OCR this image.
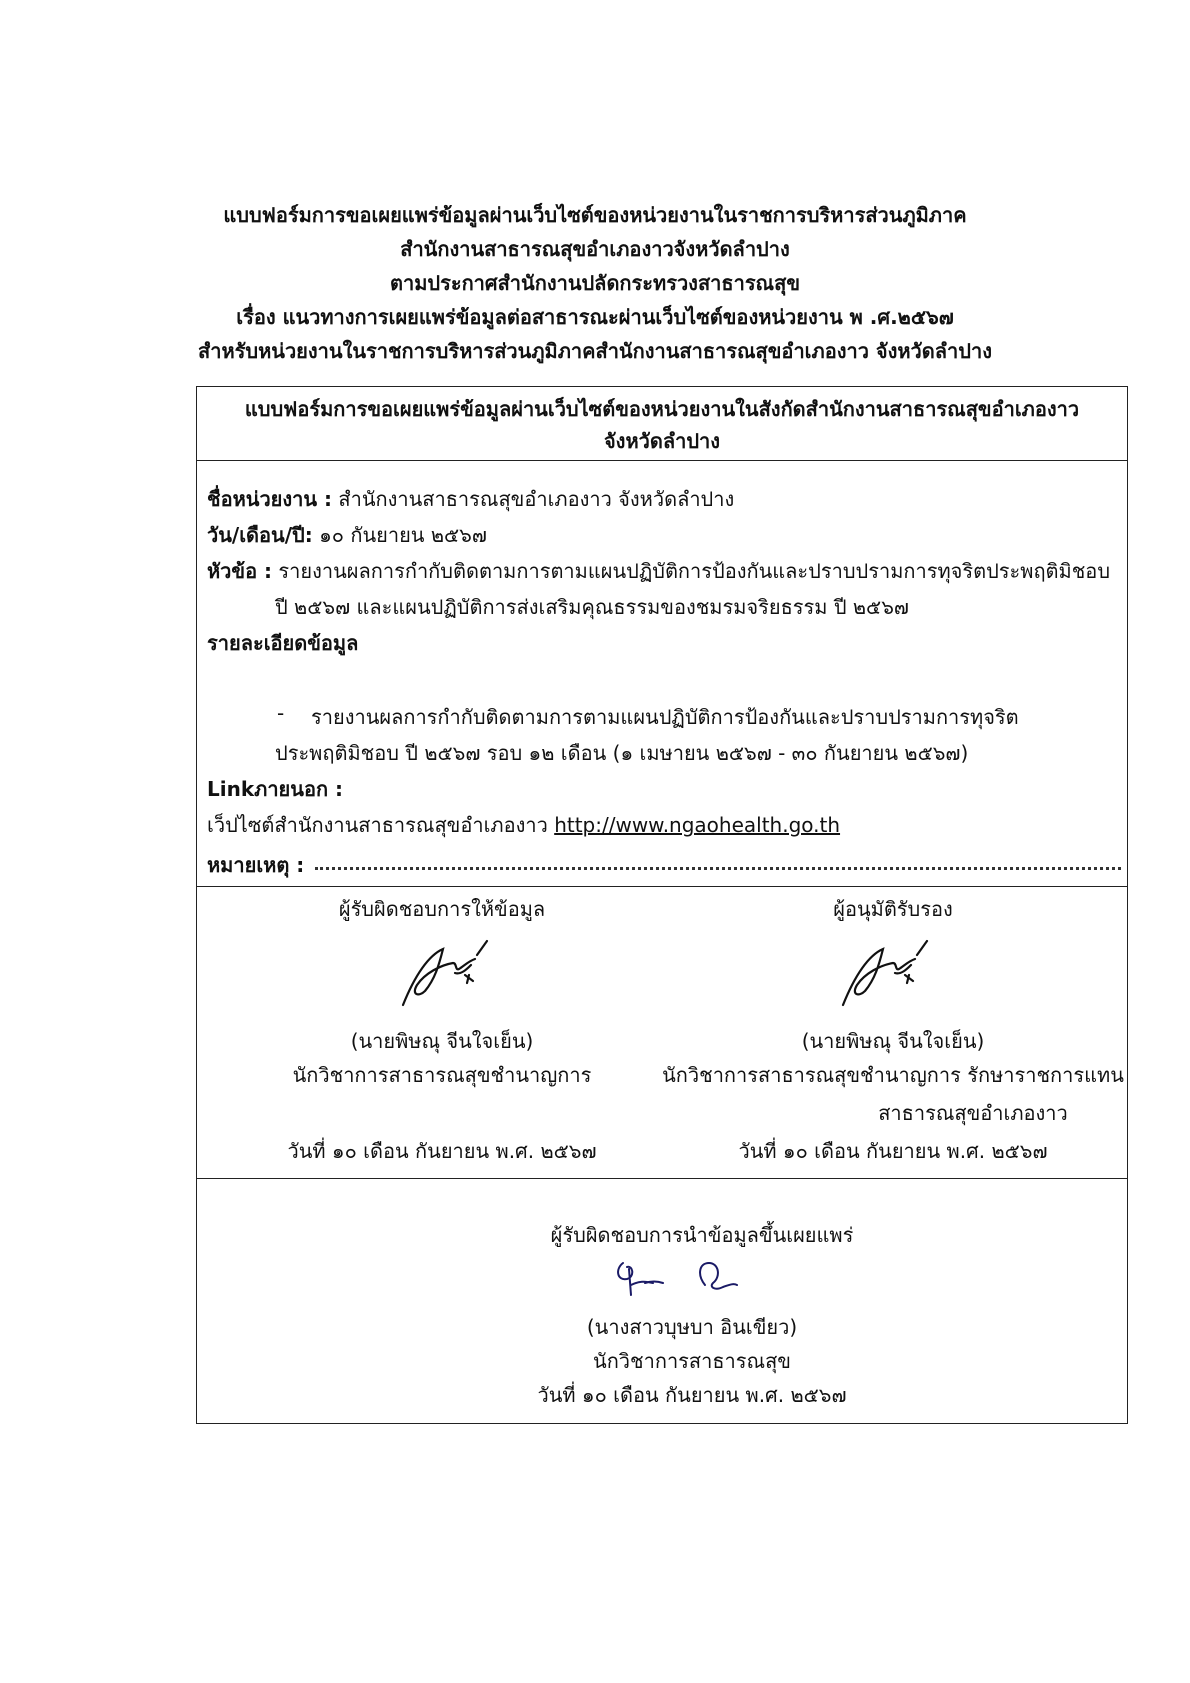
แบบฟอร์มการขอเผยแพร่ข้อมูลผ่านเว็บไซต์ของหน่วยงานในราชการบริหารส่วนภูมิภาค
สำนักงานสาธารณสุขอำเภองาวจังหวัดลำปาง
ตามประกาศสำนักงานปลัดกระทรวงสาธารณสุข
เรื่อง แนวทางการเผยแพร่ข้อมูลต่อสาธารณะผ่านเว็บไซต์ของหน่วยงาน พ .ศ.๒๕๖๗
สำหรับหน่วยงานในราชการบริหารส่วนภูมิภาคสำนักงานสาธารณสุขอำเภองาว จังหวัดลำปาง
แบบฟอร์มการขอเผยแพร่ข้อมูลผ่านเว็บไซต์ของหน่วยงานในสังกัดสำนักงานสาธารณสุขอำเภองาว
จังหวัดลำปาง
ชื่อหน่วยงาน : สำนักงานสาธารณสุขอำเภองาว จังหวัดลำปาง
วัน/เดือน/ปี: ๑๐ กันยายน ๒๕๖๗
หัวข้อ : รายงานผลการกำกับติดตามการตามแผนปฏิบัติการป้องกันและปราบปรามการทุจริตประพฤติมิชอบ
ปี ๒๕๖๗ และแผนปฏิบัติการส่งเสริมคุณธรรมของชมรมจริยธรรม ปี ๒๕๖๗
รายละเอียดข้อมูล
- รายงานผลการกำกับติดตามการตามแผนปฏิบัติการป้องกันและปราบปรามการทุจริต
ประพฤติมิชอบ ปี ๒๕๖๗ รอบ ๑๒ เดือน (๑ เมษายน ๒๕๖๗ - ๓๐ กันยายน ๒๕๖๗)
Linkภายนอก :
เว็ปไซต์สำนักงานสาธารณสุขอำเภองาว http://www.ngaohealth.go.th
หมายเหตุ :
ผู้รับผิดชอบการให้ข้อมูล
(นายพิษณุ จีนใจเย็น)
นักวิชาการสาธารณสุขชำนาญการ
วันที่ ๑๐ เดือน กันยายน พ.ศ. ๒๕๖๗
ผู้อนุมัติรับรอง
(นายพิษณุ จีนใจเย็น)
นักวิชาการสาธารณสุขชำนาญการ รักษาราชการแทน
สาธารณสุขอำเภองาว
วันที่ ๑๐ เดือน กันยายน พ.ศ. ๒๕๖๗
ผู้รับผิดชอบการนำข้อมูลขึ้นเผยแพร่
(นางสาวบุษบา อินเขียว)
นักวิชาการสาธารณสุข
วันที่ ๑๐ เดือน กันยายน พ.ศ. ๒๕๖๗
